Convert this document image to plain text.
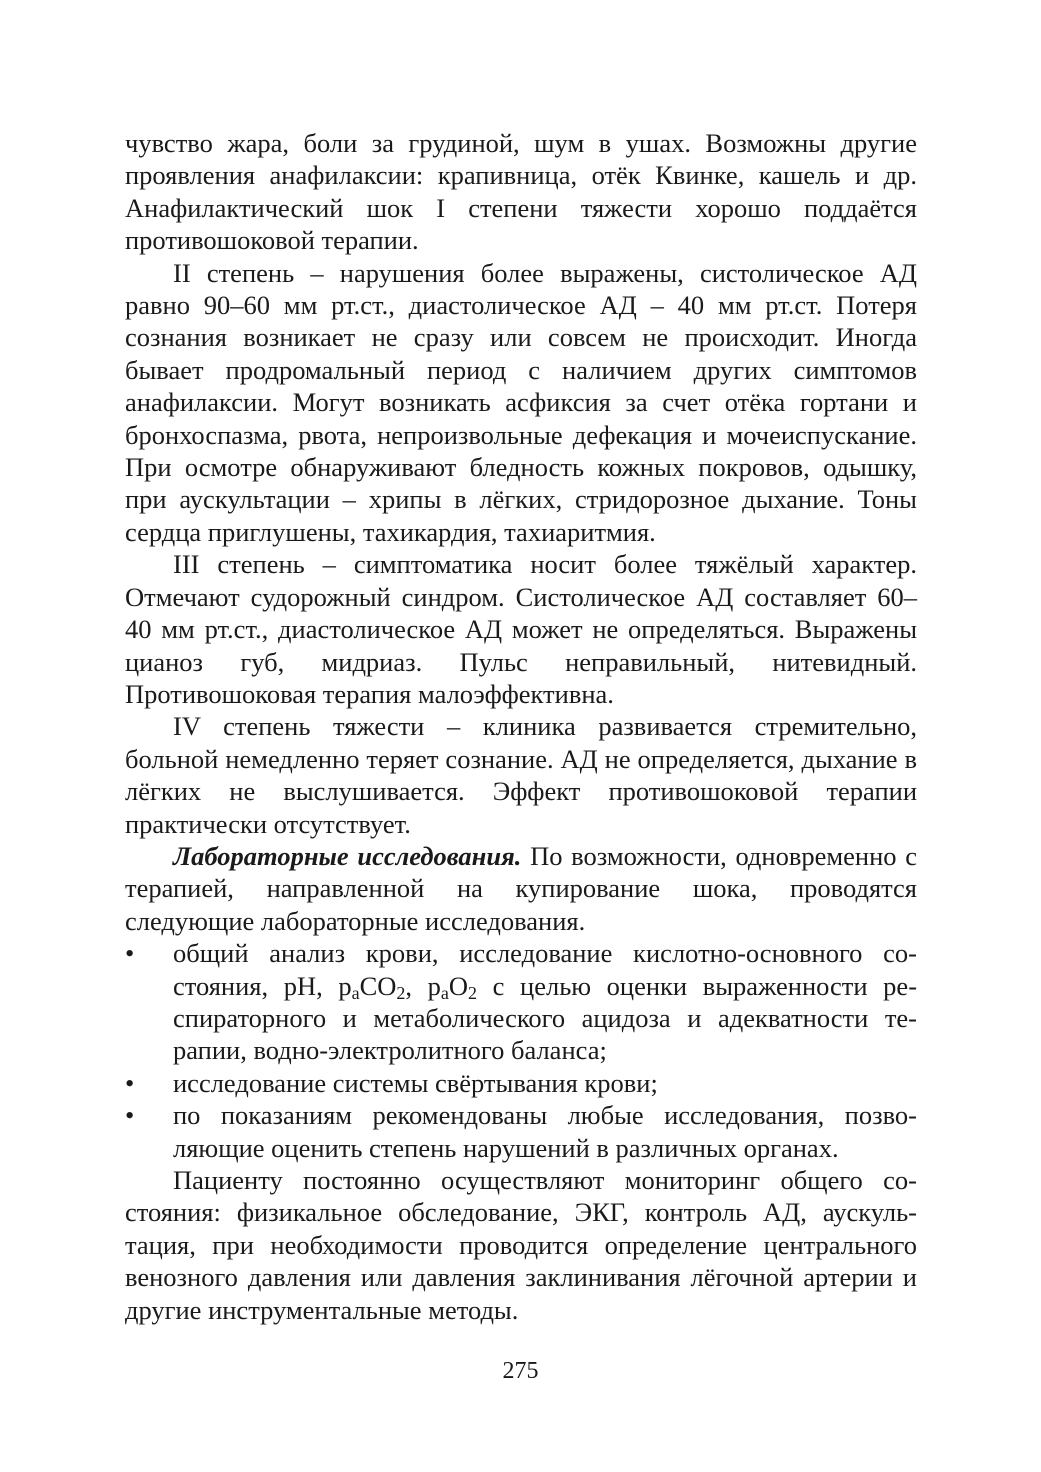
чувство жара, боли за грудиной, шум в ушах. Возможны другие проявления анафилаксии: крапивница, отёк Квинке, кашель и др. Анафилактический шок I степени тяжести хорошо поддаётся противошоковой терапии.

II степень – нарушения более выражены, систолическое АД равно 90–60 мм рт.ст., диастолическое АД – 40 мм рт.ст. Потеря сознания возникает не сразу или совсем не происходит. Иногда бывает продромальный период с наличием других симптомов анафилаксии. Могут возникать асфиксия за счет отёка гортани и бронхоспазма, рвота, непроизвольные дефекация и мочеиспускание. При осмотре обнаруживают бледность кожных покровов, одышку, при аускультации – хрипы в лёгких, стридорозное дыхание. Тоны сердца приглушены, тахикардия, тахиаритмия.

III степень – симптоматика носит более тяжёлый характер. Отмечают судорожный синдром. Систолическое АД составляет 60–40 мм рт.ст., диастолическое АД может не определяться. Выражены цианоз губ, мидриаз. Пульс неправильный, нитевидный. Противошоковая терапия малоэффективна.

IV степень тяжести – клиника развивается стремительно, больной немедленно теряет сознание. АД не определяется, дыхание в лёгких не выслушивается. Эффект противошоковой терапии практически отсутствует.

Лабораторные исследования. По возможности, одновременно с терапией, направленной на купирование шока, проводятся следующие лабораторные исследования.

• общий анализ крови, исследование кислотно-основного состояния, рН, $p_aCO_2$, $p_aO_2$ с целью оценки выраженности респираторного и метаболического ацидоза и адекватности терапии, водно-электролитного баланса;
• исследование системы свёртывания крови;
• по показаниям рекомендованы любые исследования, позволяющие оценить степень нарушений в различных органах.

Пациенту постоянно осуществляют мониторинг общего состояния: физикальное обследование, ЭКГ, контроль АД, аускультация, при необходимости проводится определение центрального венозного давления или давления заклинивания лёгочной артерии и другие инструментальные методы.

275
